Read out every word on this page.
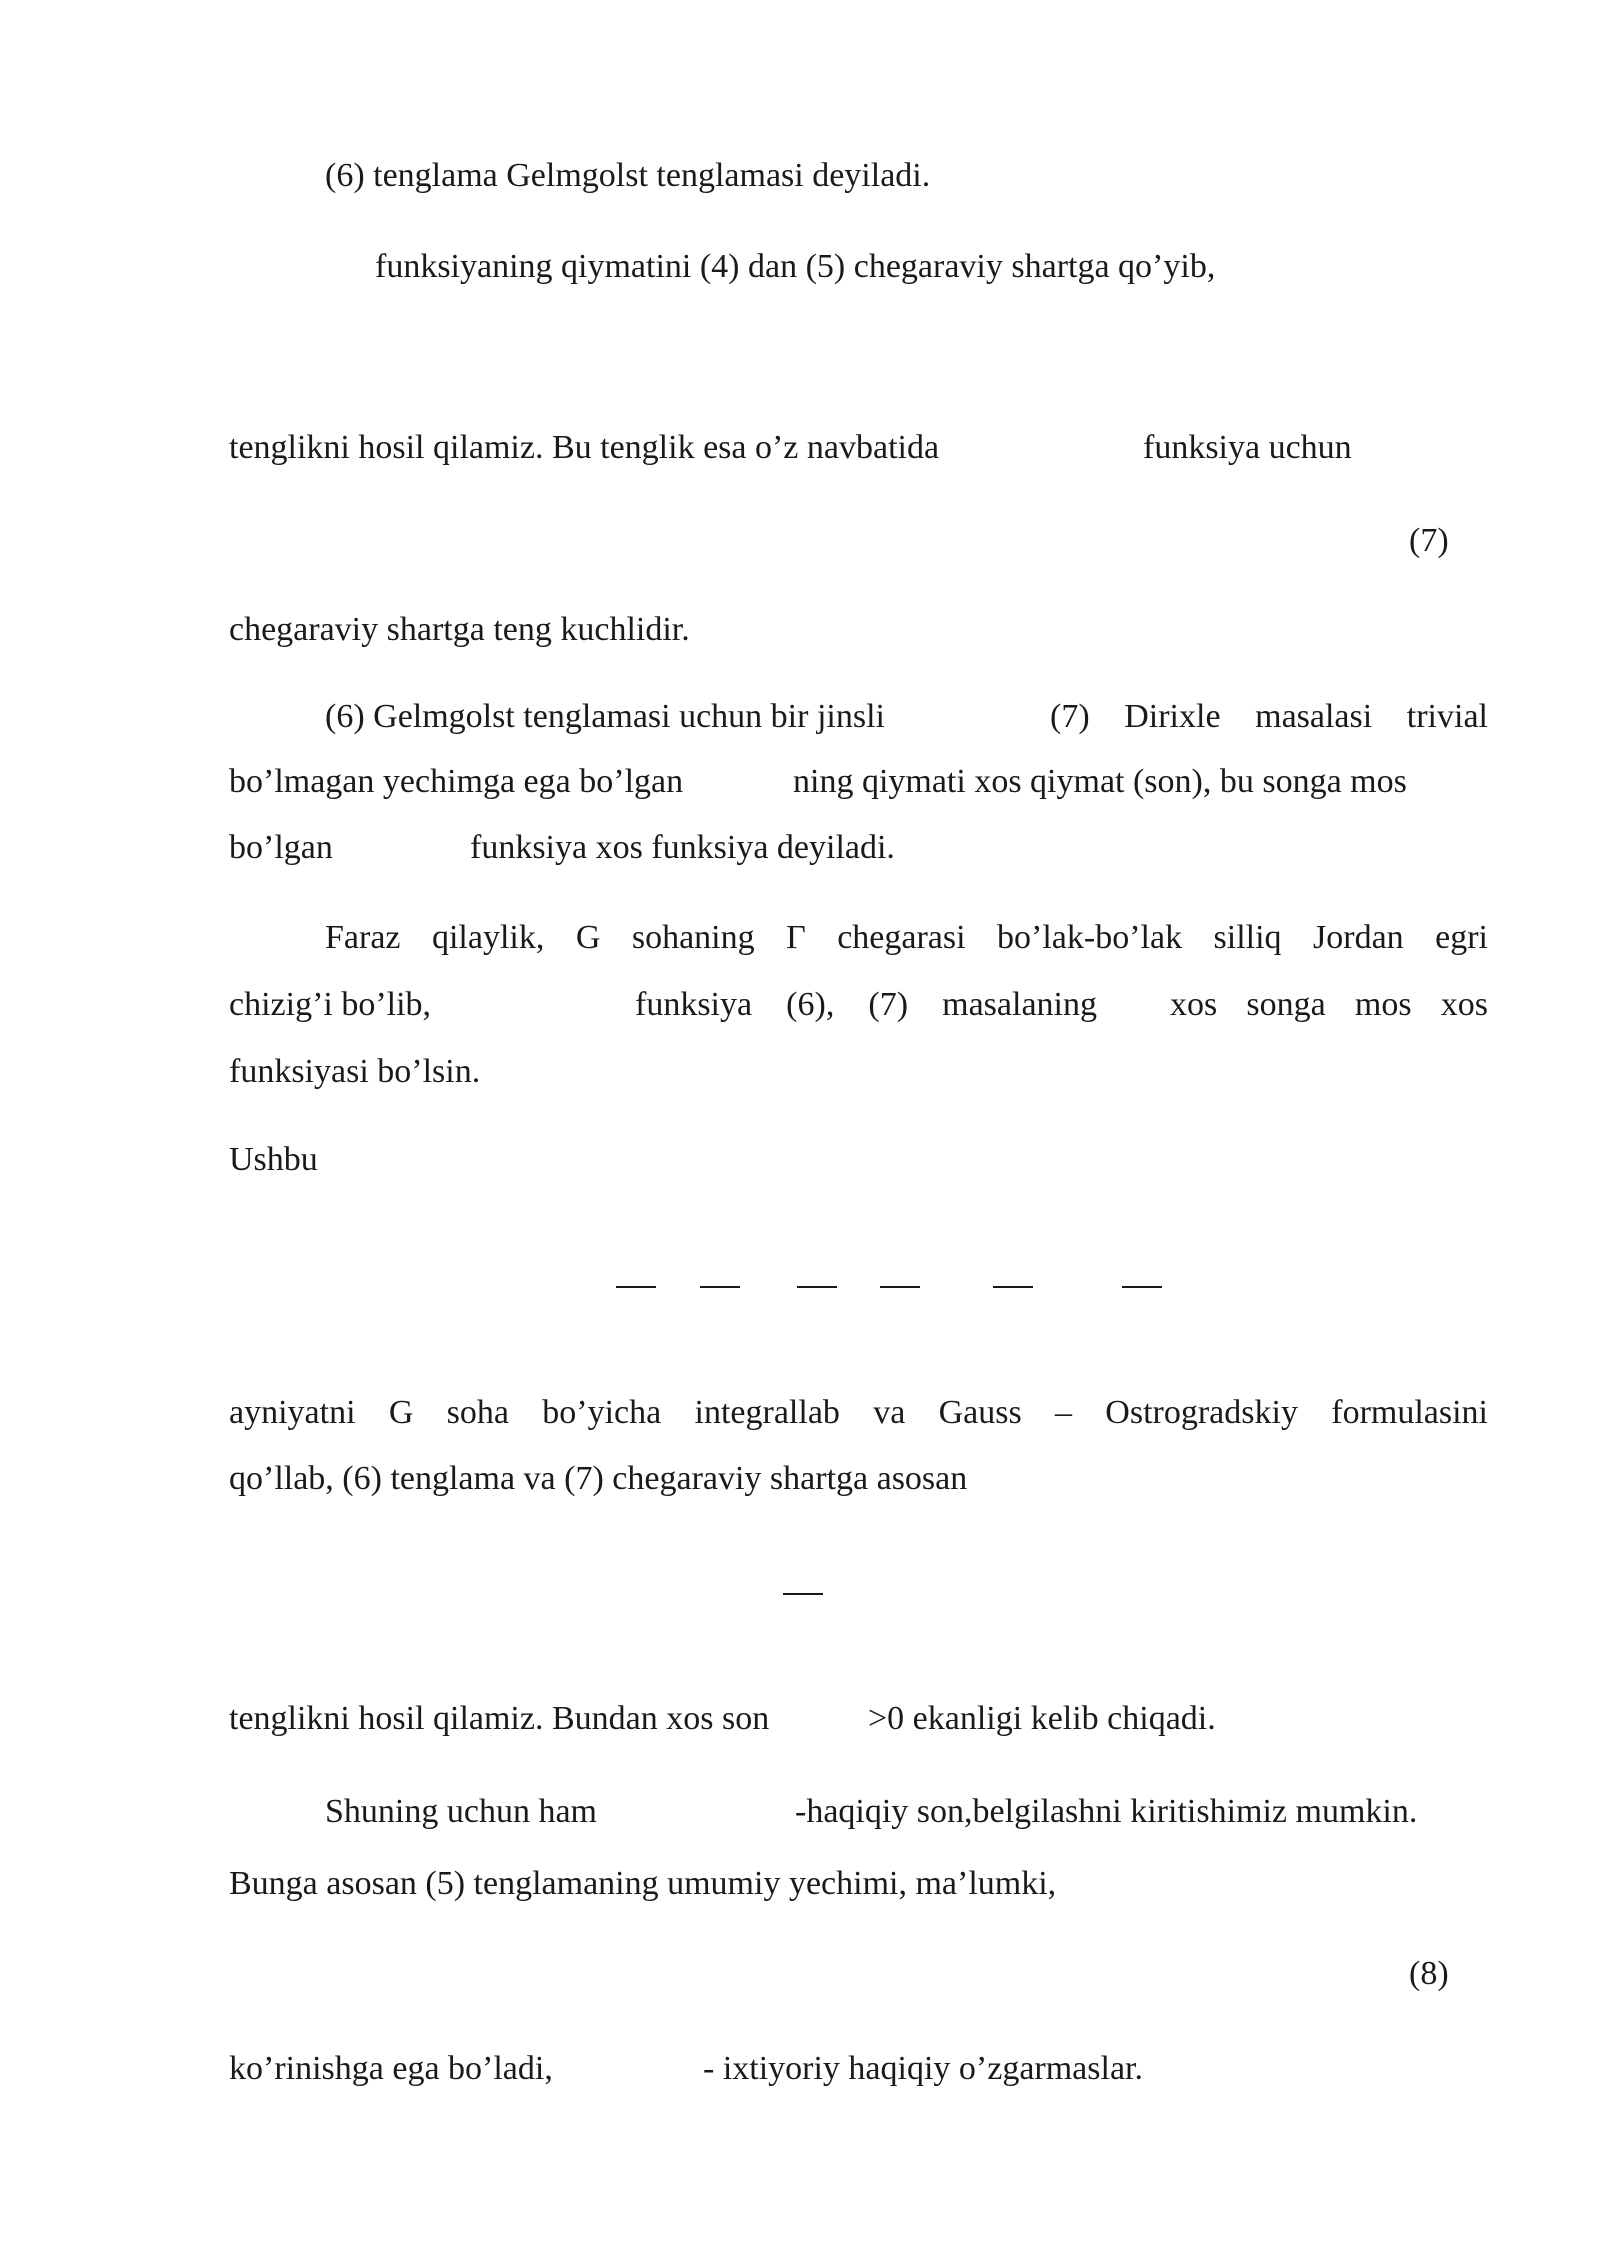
(6) tenglama Gelmgolst tenglamasi deyiladi.
funksiyaning qiymatini (4) dan (5) chegaraviy shartga qo’yib,
tenglikni hosil qilamiz. Bu tenglik esa o’z navbatida	funksiya uchun
(7)
chegaraviy shartga teng kuchlidir.
(6) Gelmgolst tenglamasi uchun bir jinsli	(7) Dirixle masalasi trivial
bo’lmagan yechimga ega bo’lgan	ning qiymati xos qiymat (son), bu songa mos
bo’lgan	funksiya xos funksiya deyiladi.
Faraz qilaylik, G sohaning Γ chegarasi bo’lak-bo’lak silliq Jordan egri
chizig’i bo’lib,	funksiya (6), (7) masalaning xos songa mos xos
funksiyasi bo’lsin.
Ushbu
ayniyatni G soha bo’yicha integrallab va Gauss – Ostrogradskiy formulasini
qo’llab, (6) tenglama va (7) chegaraviy shartga asosan
tenglikni hosil qilamiz. Bundan xos son	>0 ekanligi kelib chiqadi.
Shuning uchun ham	-haqiqiy son,belgilashni kiritishimiz mumkin.
Bunga asosan (5) tenglamaning umumiy yechimi, ma’lumki,
(8)
ko’rinishga ega bo’ladi,	- ixtiyoriy haqiqiy o’zgarmaslar.
